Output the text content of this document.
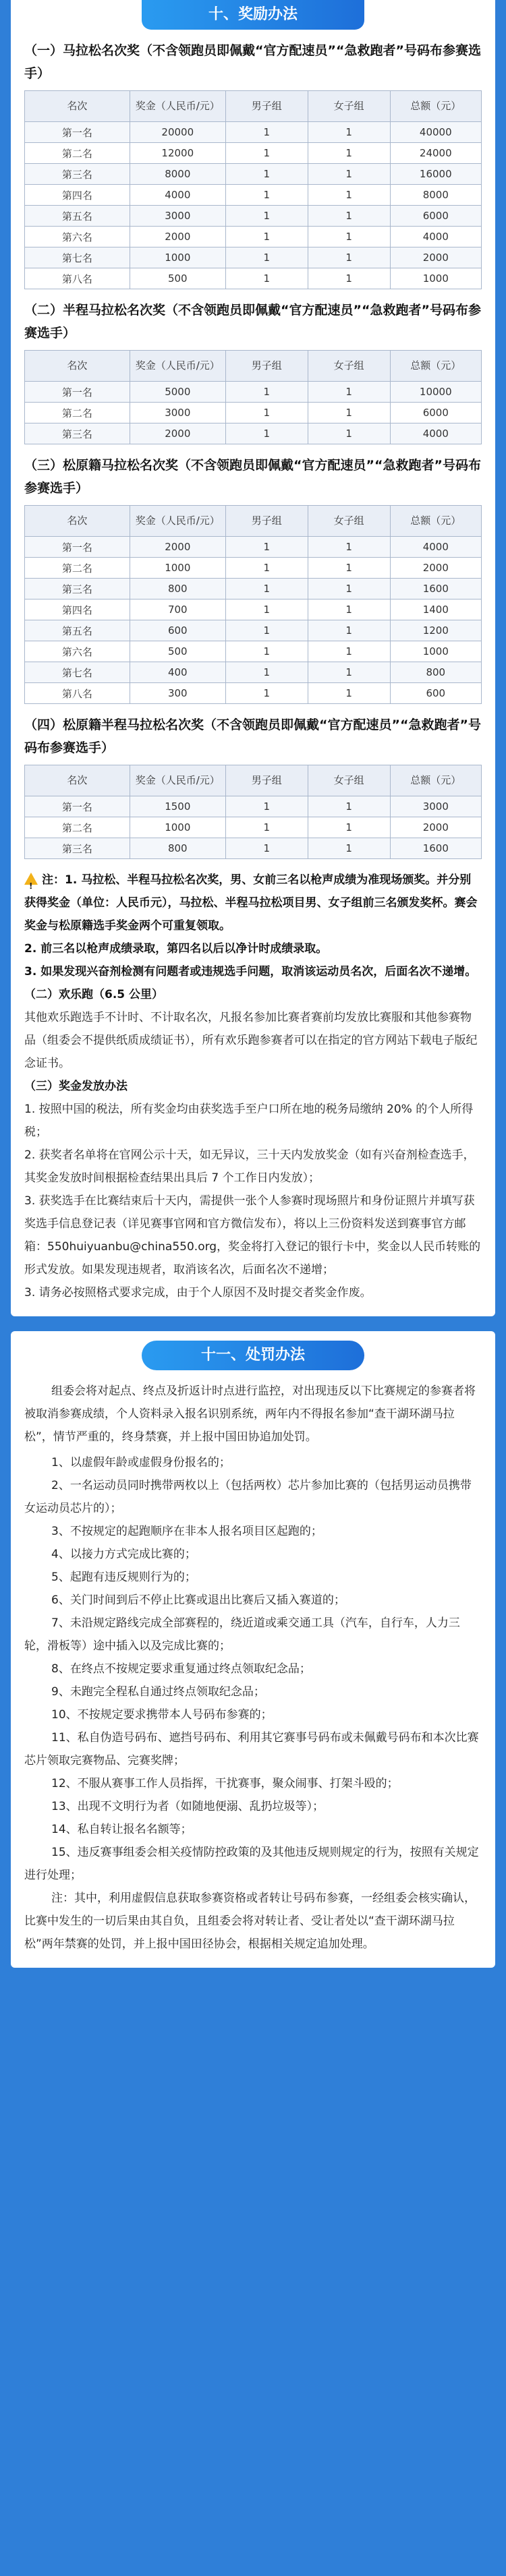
十、奖励办法
（一）马拉松名次奖（不含领跑员即佩戴“官方配速员”“急救跑者”号码布参赛选手）
名次	奖金（人民币/元）	男子组	女子组	总额（元）
第一名	20000	1	1	40000
第二名	12000	1	1	24000
第三名	8000	1	1	16000
第四名	4000	1	1	8000
第五名	3000	1	1	6000
第六名	2000	1	1	4000
第七名	1000	1	1	2000
第八名	500	1	1	1000
（二）半程马拉松名次奖（不含领跑员即佩戴“官方配速员”“急救跑者”号码布参赛选手）
名次	奖金（人民币/元）	男子组	女子组	总额（元）
第一名	5000	1	1	10000
第二名	3000	1	1	6000
第三名	2000	1	1	4000
（三）松原籍马拉松名次奖（不含领跑员即佩戴“官方配速员”“急救跑者”号码布参赛选手）
名次	奖金（人民币/元）	男子组	女子组	总额（元）
第一名	2000	1	1	4000
第二名	1000	1	1	2000
第三名	800	1	1	1600
第四名	700	1	1	1400
第五名	600	1	1	1200
第六名	500	1	1	1000
第七名	400	1	1	800
第八名	300	1	1	600
（四）松原籍半程马拉松名次奖（不含领跑员即佩戴“官方配速员”“急救跑者”号码布参赛选手）
名次	奖金（人民币/元）	男子组	女子组	总额（元）
第一名	1500	1	1	3000
第二名	1000	1	1	2000
第三名	800	1	1	1600
!注：1. 马拉松、半程马拉松名次奖，男、女前三名以枪声成绩为准现场颁奖。并分别获得奖金（单位：人民币元），马拉松、半程马拉松项目男、女子组前三名颁发奖杯。赛会奖金与松原籍选手奖金两个可重复领取。
2. 前三名以枪声成绩录取，第四名以后以净计时成绩录取。
3. 如果发现兴奋剂检测有问题者或违规选手问题，取消该运动员名次，后面名次不递增。
（二）欢乐跑（6.5 公里）
其他欢乐跑选手不计时、不计取名次，凡报名参加比赛者赛前均发放比赛服和其他参赛物品（组委会不提供纸质成绩证书），所有欢乐跑参赛者可以在指定的官方网站下载电子版纪念证书。
（三）奖金发放办法
1. 按照中国的税法，所有奖金均由获奖选手至户口所在地的税务局缴纳 20% 的个人所得税；
2. 获奖者名单将在官网公示十天，如无异议，三十天内发放奖金（如有兴奋剂检查选手，其奖金发放时间根据检查结果出具后 7 个工作日内发放）；
3. 获奖选手在比赛结束后十天内，需提供一张个人参赛时现场照片和身份证照片并填写获奖选手信息登记表（详见赛事官网和官方微信发布），将以上三份资料发送到赛事官方邮箱：550huiyuanbu@china550.org，奖金将打入登记的银行卡中，奖金以人民币转账的形式发放。如果发现违规者，取消该名次，后面名次不递增；
3. 请务必按照格式要求完成，由于个人原因不及时提交者奖金作废。
十一、处罚办法
组委会将对起点、终点及折返计时点进行监控，对出现违反以下比赛规定的参赛者将被取消参赛成绩，个人资料录入报名识别系统，两年内不得报名参加“查干湖环湖马拉松”，情节严重的，终身禁赛，并上报中国田协追加处罚。
1、以虚假年龄或虚假身份报名的；
2、一名运动员同时携带两枚以上（包括两枚）芯片参加比赛的（包括男运动员携带女运动员芯片的）；
3、不按规定的起跑顺序在非本人报名项目区起跑的；
4、以接力方式完成比赛的；
5、起跑有违反规则行为的；
6、关门时间到后不停止比赛或退出比赛后又插入赛道的；
7、未沿规定路线完成全部赛程的，绕近道或乘交通工具（汽车，自行车，人力三轮，滑板等）途中插入以及完成比赛的；
8、在终点不按规定要求重复通过终点领取纪念品；
9、未跑完全程私自通过终点领取纪念品；
10、不按规定要求携带本人号码布参赛的；
11、私自伪造号码布、遮挡号码布、利用其它赛事号码布或未佩戴号码布和本次比赛芯片领取完赛物品、完赛奖牌；
12、不服从赛事工作人员指挥，干扰赛事，聚众闹事、打架斗殴的；
13、出现不文明行为者（如随地便溺、乱扔垃圾等）；
14、私自转让报名名额等；
15、违反赛事组委会相关疫情防控政策的及其他违反规则规定的行为，按照有关规定进行处理；
注：其中，利用虚假信息获取参赛资格或者转让号码布参赛，一经组委会核实确认，比赛中发生的一切后果由其自负，且组委会将对转让者、受让者处以“查干湖环湖马拉松”两年禁赛的处罚，并上报中国田径协会，根据相关规定追加处理。
